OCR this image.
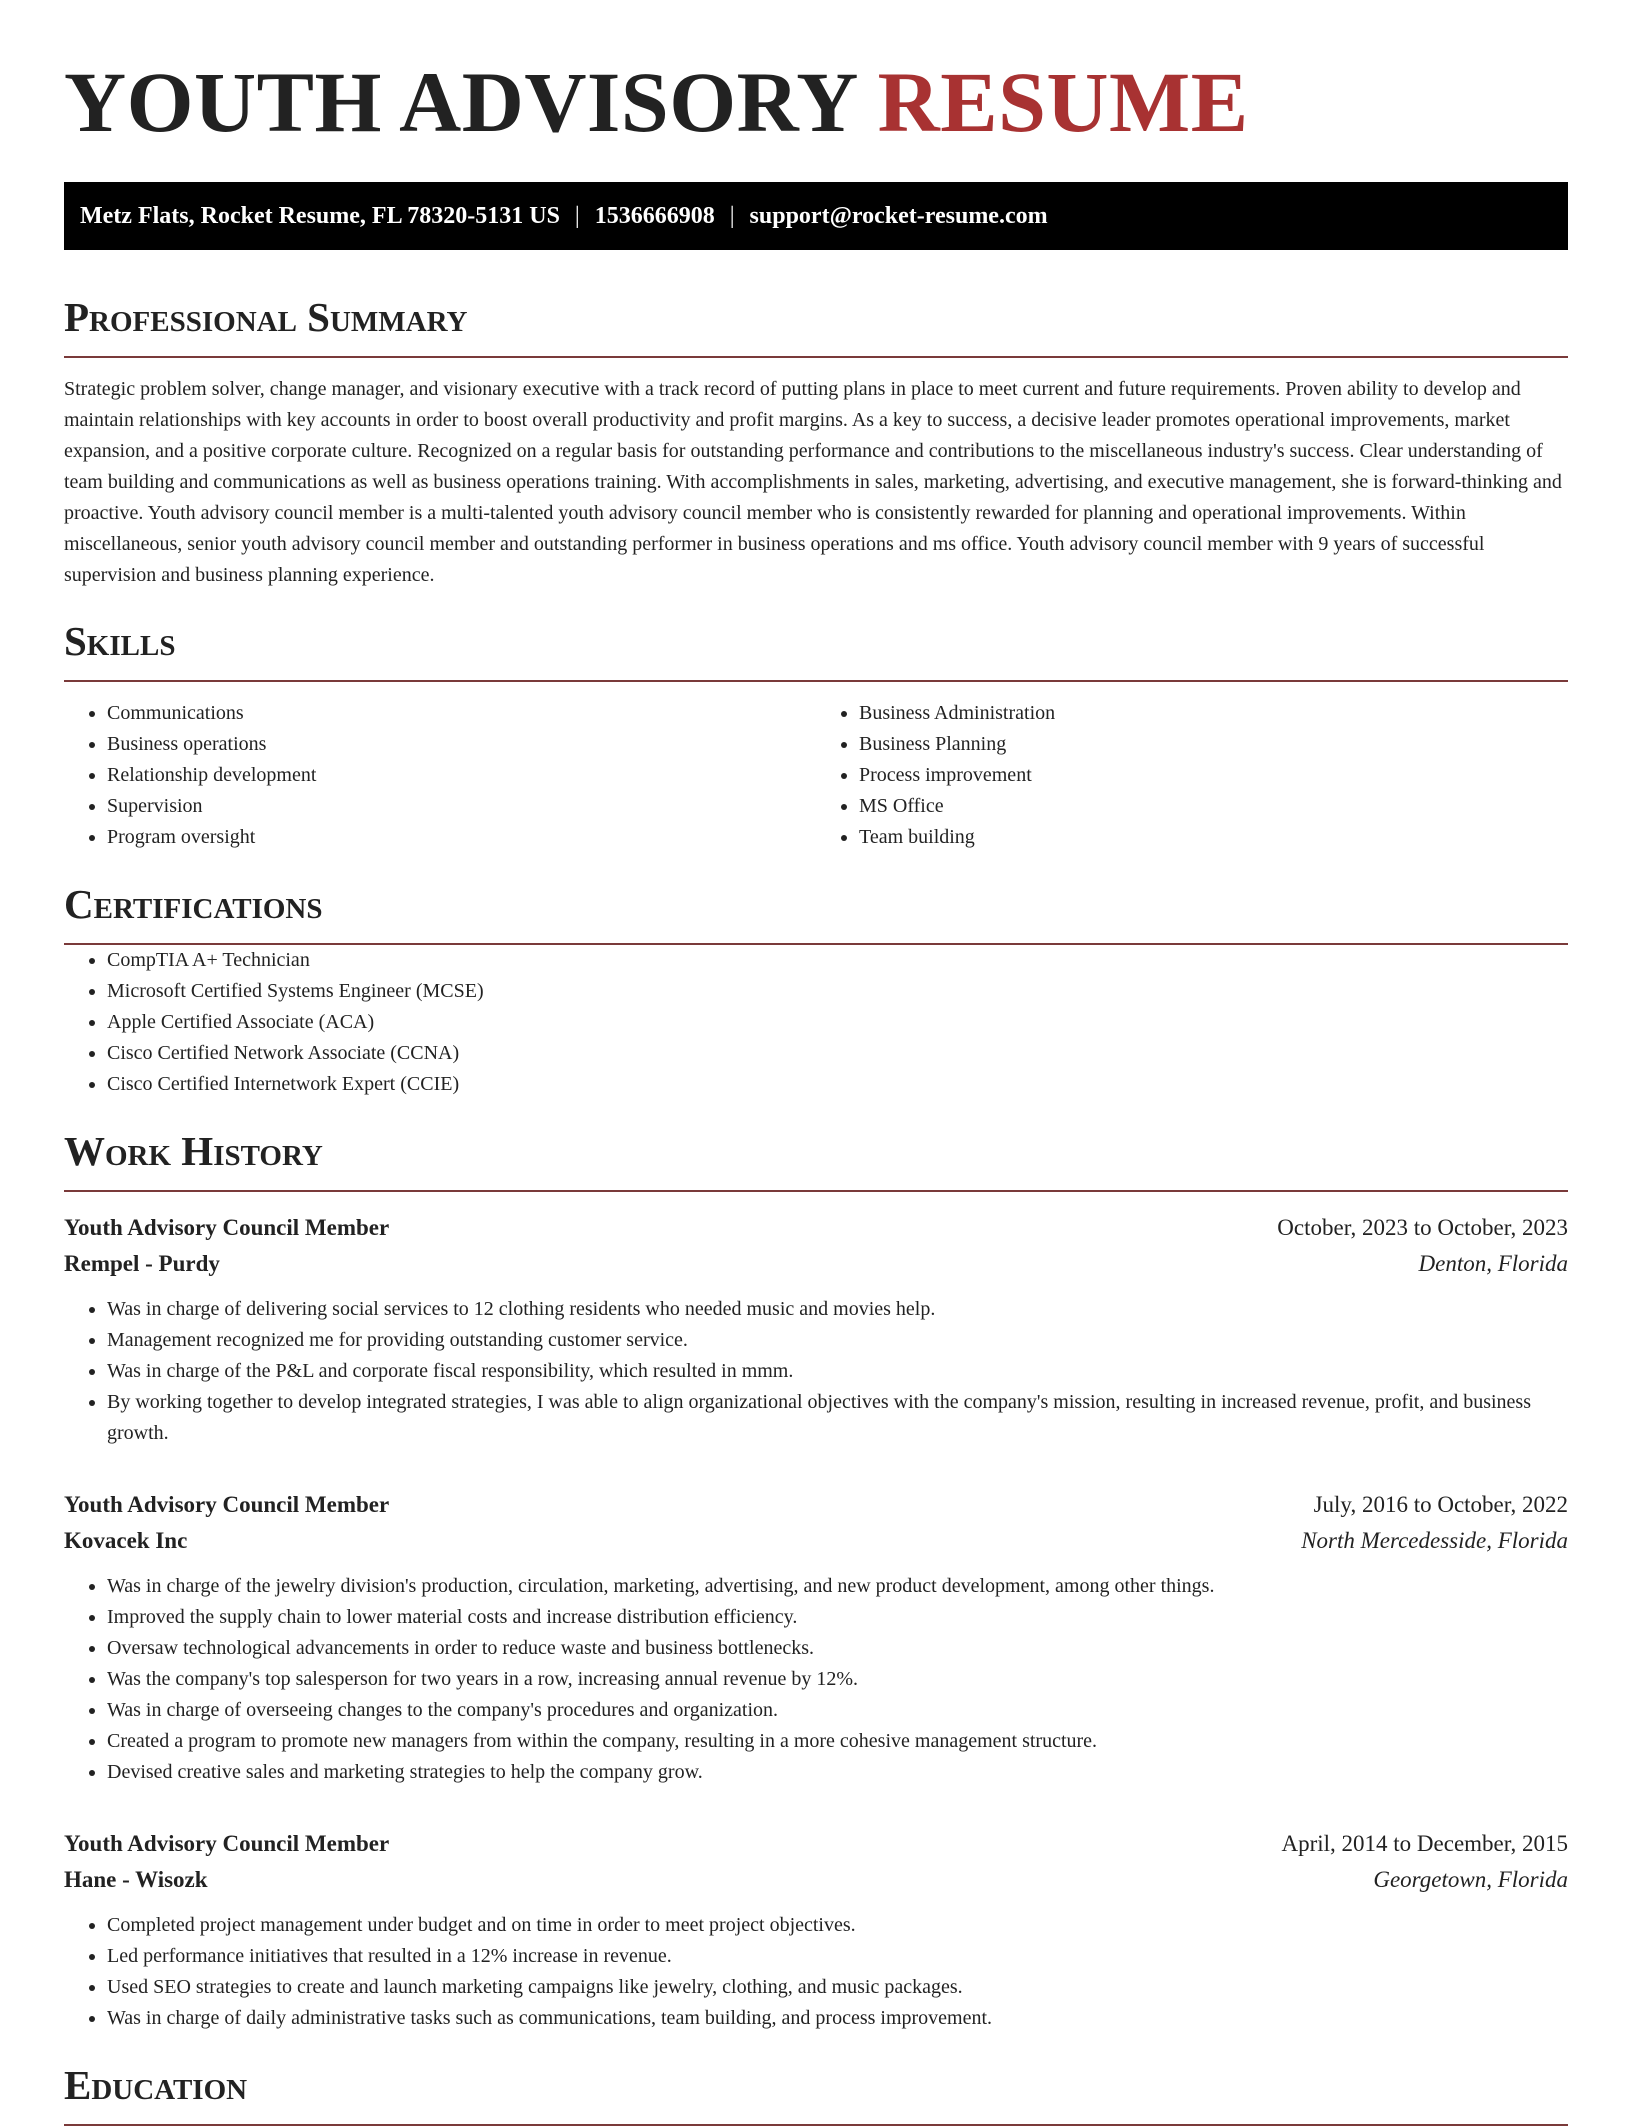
YOUTH ADVISORY RESUME
Metz Flats, Rocket Resume, FL 78320-5131 US | 1536666908 | support@rocket-resume.com
Professional Summary

Strategic problem solver, change manager, and visionary executive with a track record of putting plans in place to meet current and future requirements. Proven ability to develop and maintain relationships with key accounts in order to boost overall productivity and profit margins. As a key to success, a decisive leader promotes operational improvements, market expansion, and a positive corporate culture. Recognized on a regular basis for outstanding performance and contributions to the miscellaneous industry's success. Clear understanding of team building and communications as well as business operations training. With accomplishments in sales, marketing, advertising, and executive management, she is forward-thinking and proactive. Youth advisory council member is a multi-talented youth advisory council member who is consistently rewarded for planning and operational improvements. Within miscellaneous, senior youth advisory council member and outstanding performer in business operations and ms office. Youth advisory council member with 9 years of successful supervision and business planning experience.

Skills
• Communications
• Business operations
• Relationship development
• Supervision
• Program oversight
• Business Administration
• Business Planning
• Process improvement
• MS Office
• Team building
Certifications
• CompTIA A+ Technician
• Microsoft Certified Systems Engineer (MCSE)
• Apple Certified Associate (ACA)
• Cisco Certified Network Associate (CCNA)
• Cisco Certified Internetwork Expert (CCIE)
Work History
Youth Advisory Council Member	October, 2023 to October, 2023
Rempel - Purdy	Denton, Florida
• Was in charge of delivering social services to 12 clothing residents who needed music and movies help.
• Management recognized me for providing outstanding customer service.
• Was in charge of the P&L and corporate fiscal responsibility, which resulted in mmm.
• By working together to develop integrated strategies, I was able to align organizational objectives with the company's mission, resulting in increased revenue, profit, and business growth.
Youth Advisory Council Member	July, 2016 to October, 2022
Kovacek Inc	North Mercedesside, Florida
• Was in charge of the jewelry division's production, circulation, marketing, advertising, and new product development, among other things.
• Improved the supply chain to lower material costs and increase distribution efficiency.
• Oversaw technological advancements in order to reduce waste and business bottlenecks.
• Was the company's top salesperson for two years in a row, increasing annual revenue by 12%.
• Was in charge of overseeing changes to the company's procedures and organization.
• Created a program to promote new managers from within the company, resulting in a more cohesive management structure.
• Devised creative sales and marketing strategies to help the company grow.
Youth Advisory Council Member	April, 2014 to December, 2015
Hane - Wisozk	Georgetown, Florida
• Completed project management under budget and on time in order to meet project objectives.
• Led performance initiatives that resulted in a 12% increase in revenue.
• Used SEO strategies to create and launch marketing campaigns like jewelry, clothing, and music packages.
• Was in charge of daily administrative tasks such as communications, team building, and process improvement.
Education
